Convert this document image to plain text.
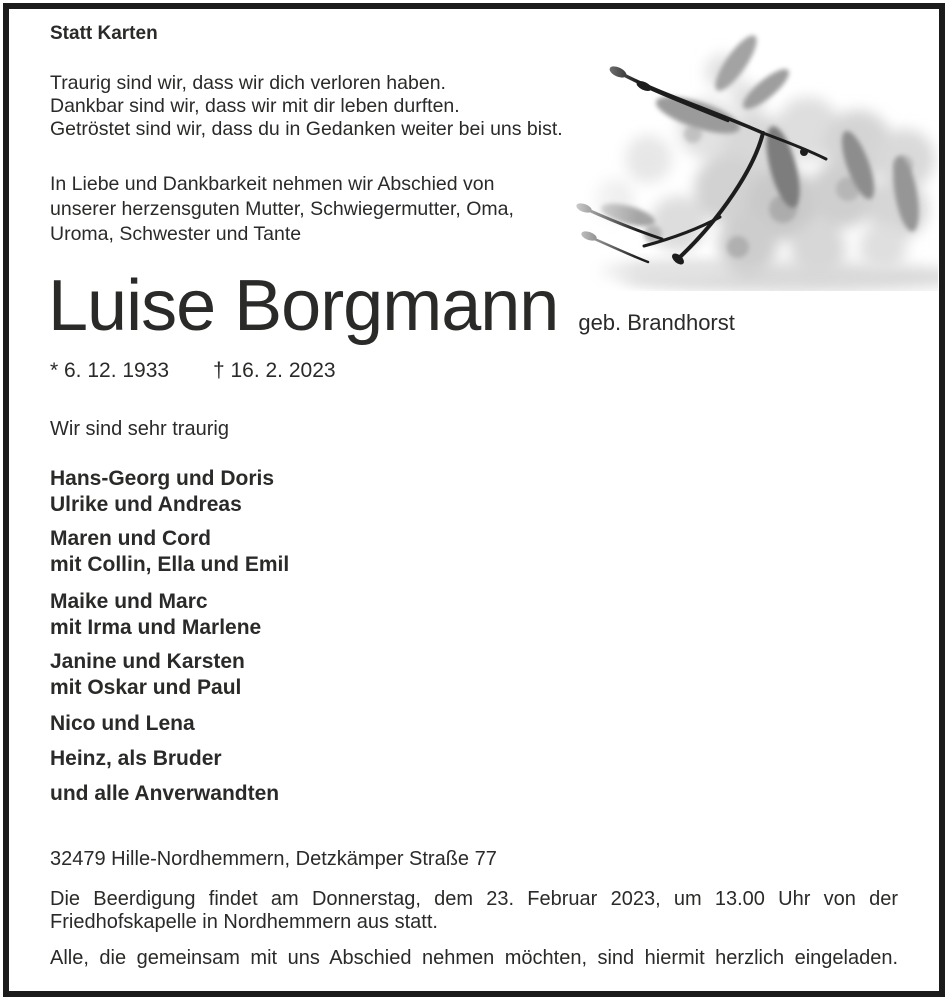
Statt Karten
Traurig sind wir, dass wir dich verloren haben.
Dankbar sind wir, dass wir mit dir leben durften.
Getröstet sind wir, dass du in Gedanken weiter bei uns bist.
In Liebe und Dankbarkeit nehmen wir Abschied von
unserer herzensguten Mutter, Schwiegermutter, Oma,
Uroma, Schwester und Tante
Luise Borgmann geb. Brandhorst
* 6. 12. 1933 † 16. 2. 2023
Wir sind sehr traurig
Hans-Georg und Doris
Ulrike und Andreas
Maren und Cord
mit Collin, Ella und Emil
Maike und Marc
mit Irma und Marlene
Janine und Karsten
mit Oskar und Paul
Nico und Lena
Heinz, als Bruder
und alle Anverwandten
32479 Hille-Nordhemmern, Detzkämper Straße 77
Die Beerdigung findet am Donnerstag, dem 23. Februar 2023, um 13.00 Uhr von der Friedhofskapelle in Nordhemmern aus statt.
Alle, die gemeinsam mit uns Abschied nehmen möchten, sind hiermit herzlich eingeladen.
